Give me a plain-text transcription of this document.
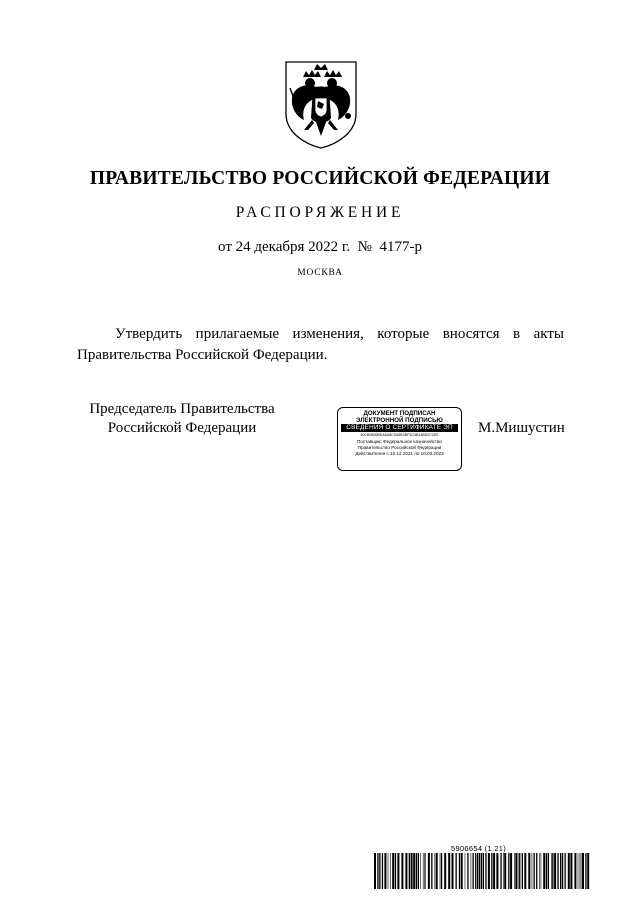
ПРАВИТЕЛЬСТВО РОССИЙСКОЙ ФЕДЕРАЦИИ
РАСПОРЯЖЕНИЕ
от 24 декабря 2022 г.  №  4177-р
МОСКВА
Утвердить прилагаемые изменения, которые вносятся в акты Правительства Российской Федерации.
Председатель Правительства
Российской Федерации
ДОКУМЕНТ ПОДПИСАН
ЭЛЕКТРОННОЙ ПОДПИСЬЮ
СВЕДЕНИЯ О СЕРТИФИКАТЕ ЭП
40CB9500BDA6D8C0A5B2BF1D3E44BD2C2EE
Поставщик: Федеральное казначейство
Правительство Российской Федерации
Действителен с 10.12.2021 по 10.03.2023
М.Мишустин
5906654 (1.21)
